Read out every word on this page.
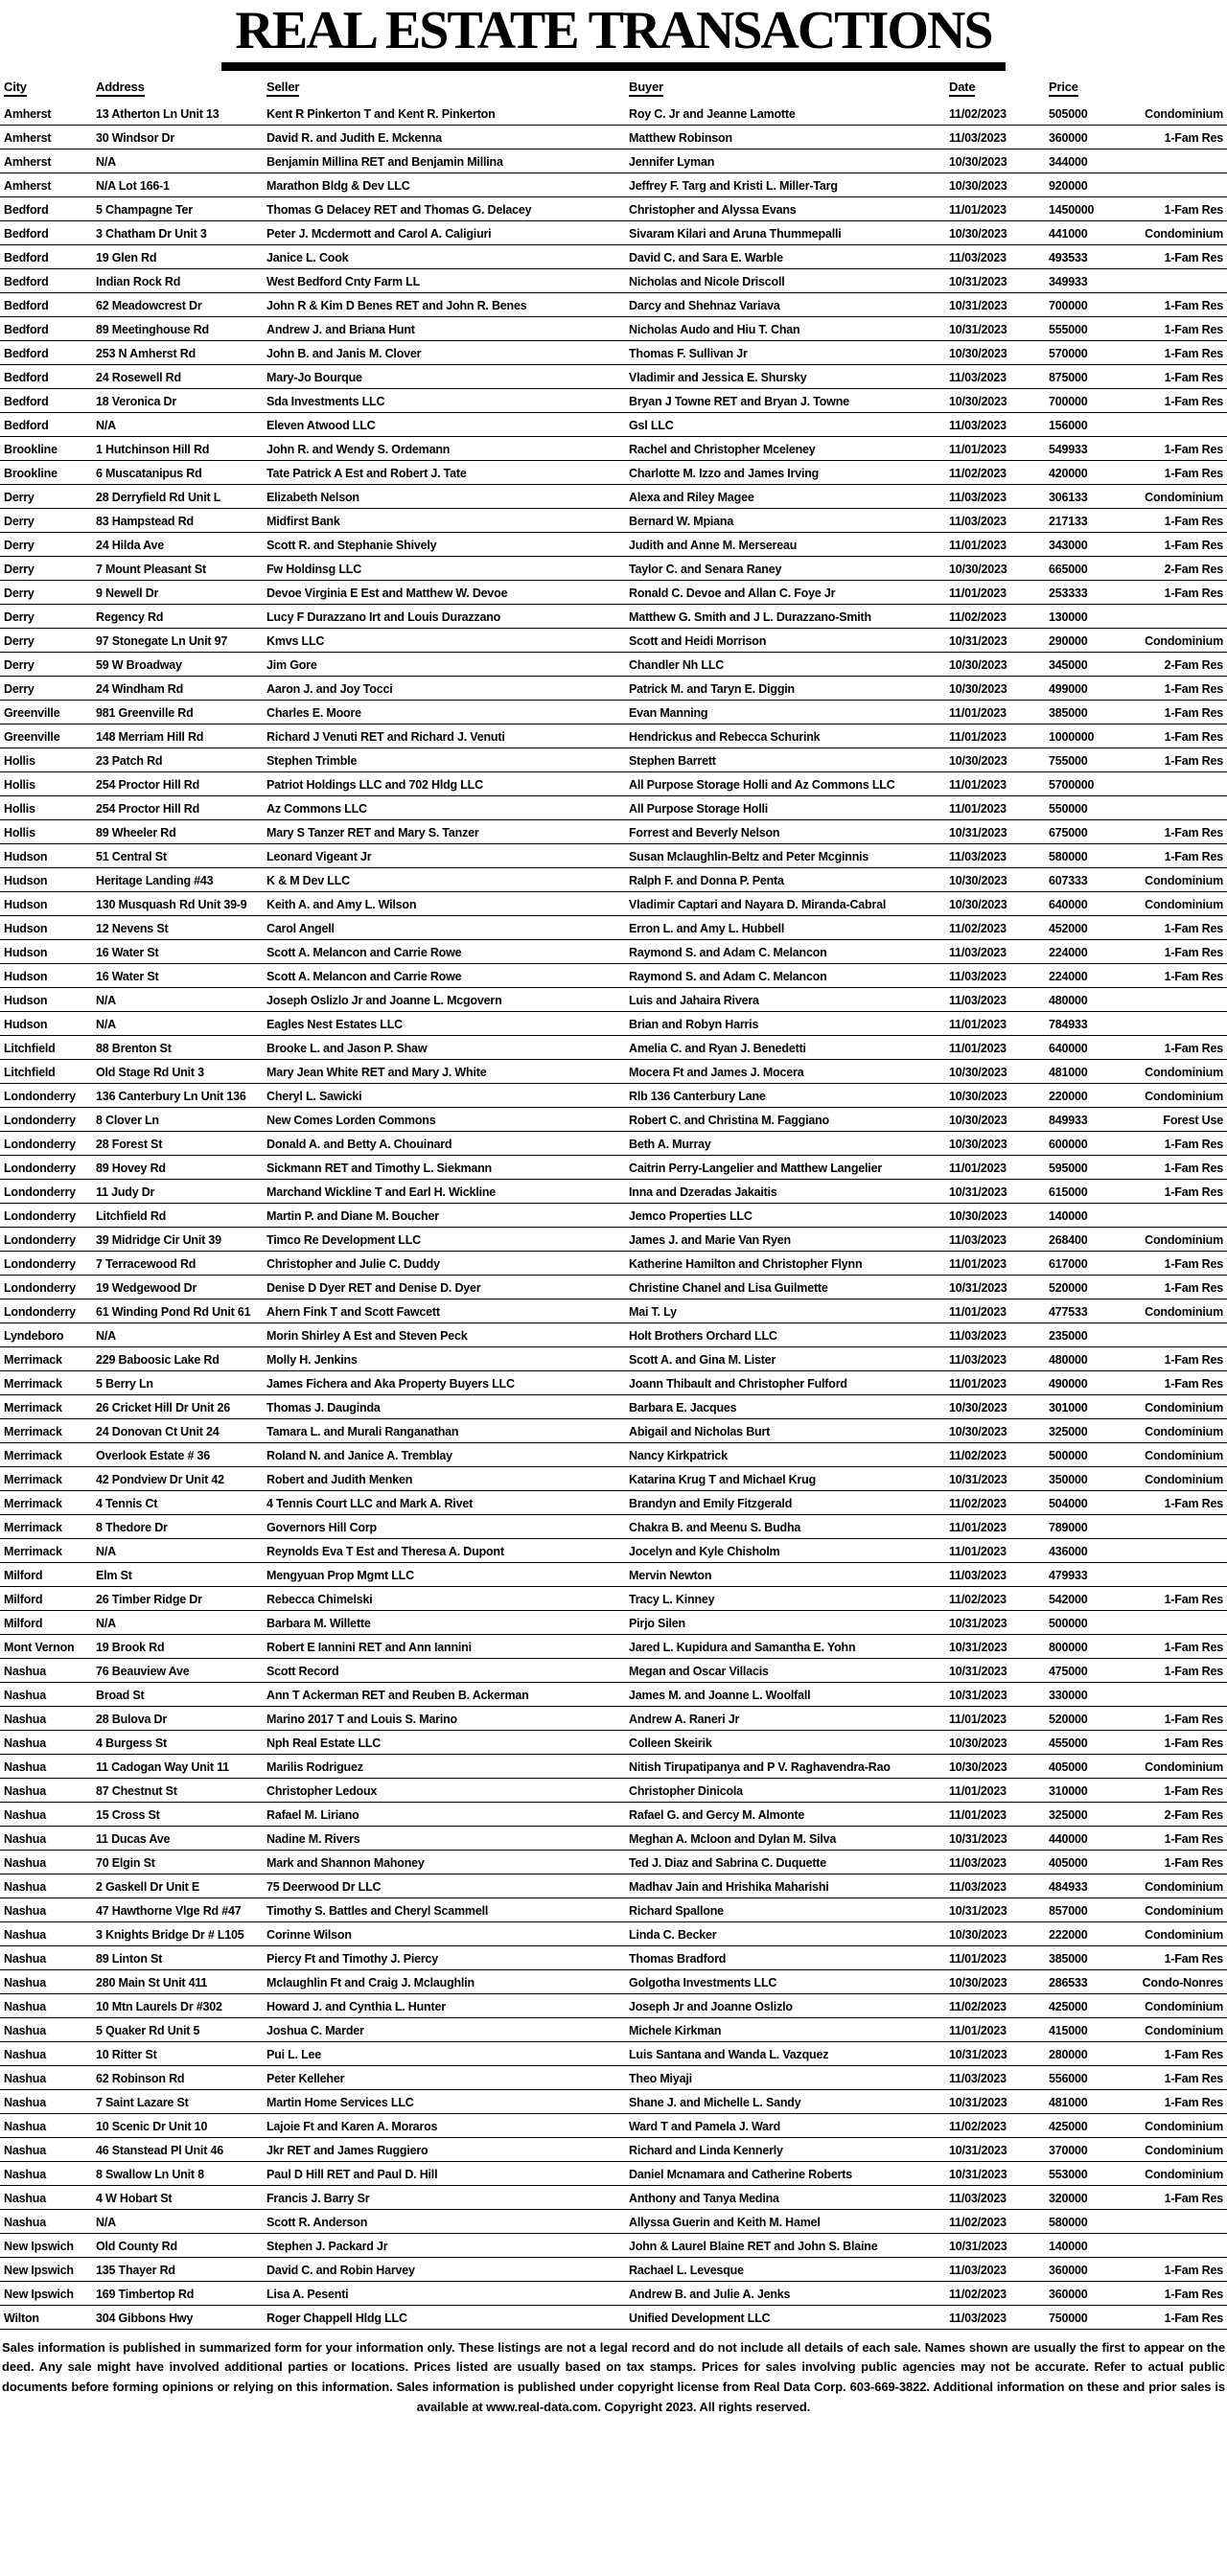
REAL ESTATE TRANSACTIONS
City	Address	Seller	Buyer	Date	Price	
Amherst	13 Atherton Ln Unit 13	Kent R Pinkerton T and Kent R. Pinkerton	Roy C. Jr and Jeanne Lamotte	11/02/2023	505000	Condominium
Amherst	30 Windsor Dr	David R. and Judith E. Mckenna	Matthew Robinson	11/03/2023	360000	1-Fam Res
Amherst	N/A	Benjamin Millina RET and Benjamin Millina	Jennifer Lyman	10/30/2023	344000	
Amherst	N/A Lot 166-1	Marathon Bldg & Dev LLC	Jeffrey F. Targ and Kristi L. Miller-Targ	10/30/2023	920000	
Bedford	5 Champagne Ter	Thomas G Delacey RET and Thomas G. Delacey	Christopher and Alyssa Evans	11/01/2023	1450000	1-Fam Res
Bedford	3 Chatham Dr Unit 3	Peter J. Mcdermott and Carol A. Caligiuri	Sivaram Kilari and Aruna Thummepalli	10/30/2023	441000	Condominium
Bedford	19 Glen Rd	Janice L. Cook	David C. and Sara E. Warble	11/03/2023	493533	1-Fam Res
Bedford	Indian Rock Rd	West Bedford Cnty Farm LL	Nicholas and Nicole Driscoll	10/31/2023	349933	
Bedford	62 Meadowcrest Dr	John R & Kim D Benes RET and John R. Benes	Darcy and Shehnaz Variava	10/31/2023	700000	1-Fam Res
Bedford	89 Meetinghouse Rd	Andrew J. and Briana Hunt	Nicholas Audo and Hiu T. Chan	10/31/2023	555000	1-Fam Res
Bedford	253 N Amherst Rd	John B. and Janis M. Clover	Thomas F. Sullivan Jr	10/30/2023	570000	1-Fam Res
Bedford	24 Rosewell Rd	Mary-Jo Bourque	Vladimir and Jessica E. Shursky	11/03/2023	875000	1-Fam Res
Bedford	18 Veronica Dr	Sda Investments LLC	Bryan J Towne RET and Bryan J. Towne	10/30/2023	700000	1-Fam Res
Bedford	N/A	Eleven Atwood LLC	Gsl LLC	11/03/2023	156000	
Brookline	1 Hutchinson Hill Rd	John R. and Wendy S. Ordemann	Rachel and Christopher Mceleney	11/01/2023	549933	1-Fam Res
Brookline	6 Muscatanipus Rd	Tate Patrick A Est and Robert J. Tate	Charlotte M. Izzo and James Irving	11/02/2023	420000	1-Fam Res
Derry	28 Derryfield Rd Unit L	Elizabeth Nelson	Alexa and Riley Magee	11/03/2023	306133	Condominium
Derry	83 Hampstead Rd	Midfirst Bank	Bernard W. Mpiana	11/03/2023	217133	1-Fam Res
Derry	24 Hilda Ave	Scott R. and Stephanie Shively	Judith and Anne M. Mersereau	11/01/2023	343000	1-Fam Res
Derry	7 Mount Pleasant St	Fw Holdinsg LLC	Taylor C. and Senara Raney	10/30/2023	665000	2-Fam Res
Derry	9 Newell Dr	Devoe Virginia E Est and Matthew W. Devoe	Ronald C. Devoe and Allan C. Foye Jr	11/01/2023	253333	1-Fam Res
Derry	Regency Rd	Lucy F Durazzano Irt and Louis Durazzano	Matthew G. Smith and J L. Durazzano-Smith	11/02/2023	130000	
Derry	97 Stonegate Ln Unit 97	Kmvs LLC	Scott and Heidi Morrison	10/31/2023	290000	Condominium
Derry	59 W Broadway	Jim Gore	Chandler Nh LLC	10/30/2023	345000	2-Fam Res
Derry	24 Windham Rd	Aaron J. and Joy Tocci	Patrick M. and Taryn E. Diggin	10/30/2023	499000	1-Fam Res
Greenville	981 Greenville Rd	Charles E. Moore	Evan Manning	11/01/2023	385000	1-Fam Res
Greenville	148 Merriam Hill Rd	Richard J Venuti RET and Richard J. Venuti	Hendrickus and Rebecca Schurink	11/01/2023	1000000	1-Fam Res
Hollis	23 Patch Rd	Stephen Trimble	Stephen Barrett	10/30/2023	755000	1-Fam Res
Hollis	254 Proctor Hill Rd	Patriot Holdings LLC and 702 Hldg LLC	All Purpose Storage Holli and Az Commons LLC	11/01/2023	5700000	
Hollis	254 Proctor Hill Rd	Az Commons LLC	All Purpose Storage Holli	11/01/2023	550000	
Hollis	89 Wheeler Rd	Mary S Tanzer RET and Mary S. Tanzer	Forrest and Beverly Nelson	10/31/2023	675000	1-Fam Res
Hudson	51 Central St	Leonard Vigeant Jr	Susan Mclaughlin-Beltz and Peter Mcginnis	11/03/2023	580000	1-Fam Res
Hudson	Heritage Landing #43	K & M Dev LLC	Ralph F. and Donna P. Penta	10/30/2023	607333	Condominium
Hudson	130 Musquash Rd Unit 39-9	Keith A. and Amy L. Wilson	Vladimir Captari and Nayara D. Miranda-Cabral	10/30/2023	640000	Condominium
Hudson	12 Nevens St	Carol Angell	Erron L. and Amy L. Hubbell	11/02/2023	452000	1-Fam Res
Hudson	16 Water St	Scott A. Melancon and Carrie Rowe	Raymond S. and Adam C. Melancon	11/03/2023	224000	1-Fam Res
Hudson	16 Water St	Scott A. Melancon and Carrie Rowe	Raymond S. and Adam C. Melancon	11/03/2023	224000	1-Fam Res
Hudson	N/A	Joseph Oslizlo Jr and Joanne L. Mcgovern	Luis and Jahaira Rivera	11/03/2023	480000	
Hudson	N/A	Eagles Nest Estates LLC	Brian and Robyn Harris	11/01/2023	784933	
Litchfield	88 Brenton St	Brooke L. and Jason P. Shaw	Amelia C. and Ryan J. Benedetti	11/01/2023	640000	1-Fam Res
Litchfield	Old Stage Rd Unit 3	Mary Jean White RET and Mary J. White	Mocera Ft and James J. Mocera	10/30/2023	481000	Condominium
Londonderry	136 Canterbury Ln Unit 136	Cheryl L. Sawicki	Rlb 136 Canterbury Lane	10/30/2023	220000	Condominium
Londonderry	8 Clover Ln	New Comes Lorden Commons	Robert C. and Christina M. Faggiano	10/30/2023	849933	Forest Use
Londonderry	28 Forest St	Donald A. and Betty A. Chouinard	Beth A. Murray	10/30/2023	600000	1-Fam Res
Londonderry	89 Hovey Rd	Sickmann RET and Timothy L. Siekmann	Caitrin Perry-Langelier and Matthew Langelier	11/01/2023	595000	1-Fam Res
Londonderry	11 Judy Dr	Marchand Wickline T and Earl H. Wickline	Inna and Dzeradas Jakaitis	10/31/2023	615000	1-Fam Res
Londonderry	Litchfield Rd	Martin P. and Diane M. Boucher	Jemco Properties LLC	10/30/2023	140000	
Londonderry	39 Midridge Cir Unit 39	Timco Re Development LLC	James J. and Marie Van Ryen	11/03/2023	268400	Condominium
Londonderry	7 Terracewood Rd	Christopher and Julie C. Duddy	Katherine Hamilton and Christopher Flynn	11/01/2023	617000	1-Fam Res
Londonderry	19 Wedgewood Dr	Denise D Dyer RET and Denise D. Dyer	Christine Chanel and Lisa Guilmette	10/31/2023	520000	1-Fam Res
Londonderry	61 Winding Pond Rd Unit 61	Ahern Fink T and Scott Fawcett	Mai T. Ly	11/01/2023	477533	Condominium
Lyndeboro	N/A	Morin Shirley A Est and Steven Peck	Holt Brothers Orchard LLC	11/03/2023	235000	
Merrimack	229 Baboosic Lake Rd	Molly H. Jenkins	Scott A. and Gina M. Lister	11/03/2023	480000	1-Fam Res
Merrimack	5 Berry Ln	James Fichera and Aka Property Buyers LLC	Joann Thibault and Christopher Fulford	11/01/2023	490000	1-Fam Res
Merrimack	26 Cricket Hill Dr Unit 26	Thomas J. Dauginda	Barbara E. Jacques	10/30/2023	301000	Condominium
Merrimack	24 Donovan Ct Unit 24	Tamara L. and Murali Ranganathan	Abigail and Nicholas Burt	10/30/2023	325000	Condominium
Merrimack	Overlook Estate # 36	Roland N. and Janice A. Tremblay	Nancy Kirkpatrick	11/02/2023	500000	Condominium
Merrimack	42 Pondview Dr Unit 42	Robert and Judith Menken	Katarina Krug T and Michael Krug	10/31/2023	350000	Condominium
Merrimack	4 Tennis Ct	4 Tennis Court LLC and Mark A. Rivet	Brandyn and Emily Fitzgerald	11/02/2023	504000	1-Fam Res
Merrimack	8 Thedore Dr	Governors Hill Corp	Chakra B. and Meenu S. Budha	11/01/2023	789000	
Merrimack	N/A	Reynolds Eva T Est and Theresa A. Dupont	Jocelyn and Kyle Chisholm	11/01/2023	436000	
Milford	Elm St	Mengyuan Prop Mgmt LLC	Mervin Newton	11/03/2023	479933	
Milford	26 Timber Ridge Dr	Rebecca Chimelski	Tracy L. Kinney	11/02/2023	542000	1-Fam Res
Milford	N/A	Barbara M. Willette	Pirjo Silen	10/31/2023	500000	
Mont Vernon	19 Brook Rd	Robert E Iannini RET and Ann Iannini	Jared L. Kupidura and Samantha E. Yohn	10/31/2023	800000	1-Fam Res
Nashua	76 Beauview Ave	Scott Record	Megan and Oscar Villacis	10/31/2023	475000	1-Fam Res
Nashua	Broad St	Ann T Ackerman RET and Reuben B. Ackerman	James M. and Joanne L. Woolfall	10/31/2023	330000	
Nashua	28 Bulova Dr	Marino 2017 T and Louis S. Marino	Andrew A. Raneri Jr	11/01/2023	520000	1-Fam Res
Nashua	4 Burgess St	Nph Real Estate LLC	Colleen Skeirik	10/30/2023	455000	1-Fam Res
Nashua	11 Cadogan Way Unit 11	Marilis Rodriguez	Nitish Tirupatipanya and P V. Raghavendra-Rao	10/30/2023	405000	Condominium
Nashua	87 Chestnut St	Christopher Ledoux	Christopher Dinicola	11/01/2023	310000	1-Fam Res
Nashua	15 Cross St	Rafael M. Liriano	Rafael G. and Gercy M. Almonte	11/01/2023	325000	2-Fam Res
Nashua	11 Ducas Ave	Nadine M. Rivers	Meghan A. Mcloon and Dylan M. Silva	10/31/2023	440000	1-Fam Res
Nashua	70 Elgin St	Mark and Shannon Mahoney	Ted J. Diaz and Sabrina C. Duquette	11/03/2023	405000	1-Fam Res
Nashua	2 Gaskell Dr Unit E	75 Deerwood Dr LLC	Madhav Jain and Hrishika Maharishi	11/03/2023	484933	Condominium
Nashua	47 Hawthorne Vlge Rd #47	Timothy S. Battles and Cheryl Scammell	Richard Spallone	10/31/2023	857000	Condominium
Nashua	3 Knights Bridge Dr # L105	Corinne Wilson	Linda C. Becker	10/30/2023	222000	Condominium
Nashua	89 Linton St	Piercy Ft and Timothy J. Piercy	Thomas Bradford	11/01/2023	385000	1-Fam Res
Nashua	280 Main St Unit 411	Mclaughlin Ft and Craig J. Mclaughlin	Golgotha Investments LLC	10/30/2023	286533	Condo-Nonres
Nashua	10 Mtn Laurels Dr #302	Howard J. and Cynthia L. Hunter	Joseph Jr and Joanne Oslizlo	11/02/2023	425000	Condominium
Nashua	5 Quaker Rd Unit 5	Joshua C. Marder	Michele Kirkman	11/01/2023	415000	Condominium
Nashua	10 Ritter St	Pui L. Lee	Luis Santana and Wanda L. Vazquez	10/31/2023	280000	1-Fam Res
Nashua	62 Robinson Rd	Peter Kelleher	Theo Miyaji	11/03/2023	556000	1-Fam Res
Nashua	7 Saint Lazare St	Martin Home Services LLC	Shane J. and Michelle L. Sandy	10/31/2023	481000	1-Fam Res
Nashua	10 Scenic Dr Unit 10	Lajoie Ft and Karen A. Moraros	Ward T and Pamela J. Ward	11/02/2023	425000	Condominium
Nashua	46 Stanstead Pl Unit 46	Jkr RET and James Ruggiero	Richard and Linda Kennerly	10/31/2023	370000	Condominium
Nashua	8 Swallow Ln Unit 8	Paul D Hill RET and Paul D. Hill	Daniel Mcnamara and Catherine Roberts	10/31/2023	553000	Condominium
Nashua	4 W Hobart St	Francis J. Barry Sr	Anthony and Tanya Medina	11/03/2023	320000	1-Fam Res
Nashua	N/A	Scott R. Anderson	Allyssa Guerin and Keith M. Hamel	11/02/2023	580000	
New Ipswich	Old County Rd	Stephen J. Packard Jr	John & Laurel Blaine RET and John S. Blaine	10/31/2023	140000	
New Ipswich	135 Thayer Rd	David C. and Robin Harvey	Rachael L. Levesque	11/03/2023	360000	1-Fam Res
New Ipswich	169 Timbertop Rd	Lisa A. Pesenti	Andrew B. and Julie A. Jenks	11/02/2023	360000	1-Fam Res
Wilton	304 Gibbons Hwy	Roger Chappell Hldg LLC	Unified Development LLC	11/03/2023	750000	1-Fam Res
Sales information is published in summarized form for your information only. These listings are not a legal record and do not include all details of each sale. Names shown are usually the first to appear on the deed. Any sale might have involved additional parties or locations. Prices listed are usually based on tax stamps. Prices for sales involving public agencies may not be accurate. Refer to actual public documents before forming opinions or relying on this information. Sales information is published under copyright license from Real Data Corp. 603-669-3822. Additional information on these and prior sales is available at www.real-data.com. Copyright 2023. All rights reserved.
